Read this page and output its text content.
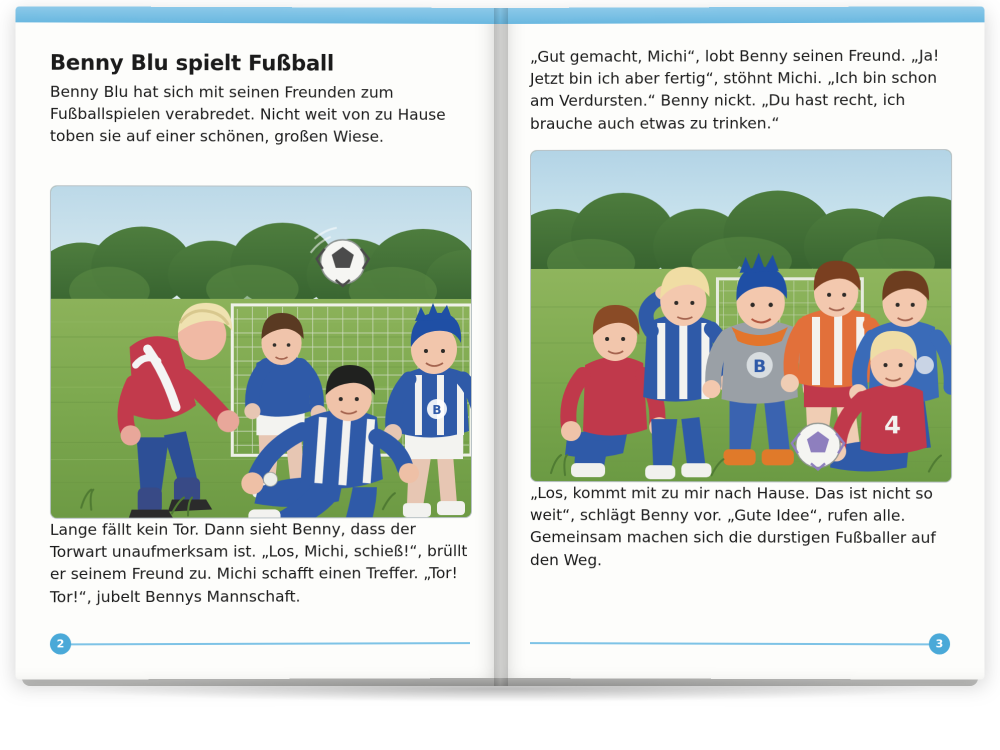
Benny Blu spielt Fußball

Benny Blu hat sich mit seinen Freunden zum Fußballspielen verabredet. Nicht weit von zu Hause toben sie auf einer schönen, großen Wiese.

B

Lange fällt kein Tor. Dann sieht Benny, dass der Torwart unaufmerksam ist. „Los, Michi, schieß!“, brüllt er seinem Freund zu. Michi schafft einen Treffer. „Tor! Tor!“, jubelt Bennys Mannschaft.

2

„Gut gemacht, Michi“, lobt Benny seinen Freund. „Ja! Jetzt bin ich aber fertig“, stöhnt Michi. „Ich bin schon am Verdursten.“ Benny nickt. „Du hast recht, ich brauche auch etwas zu trinken.“

B
4

„Los, kommt mit zu mir nach Hause. Das ist nicht so weit“, schlägt Benny vor. „Gute Idee“, rufen alle. Gemeinsam machen sich die durstigen Fußballer auf den Weg.

3
